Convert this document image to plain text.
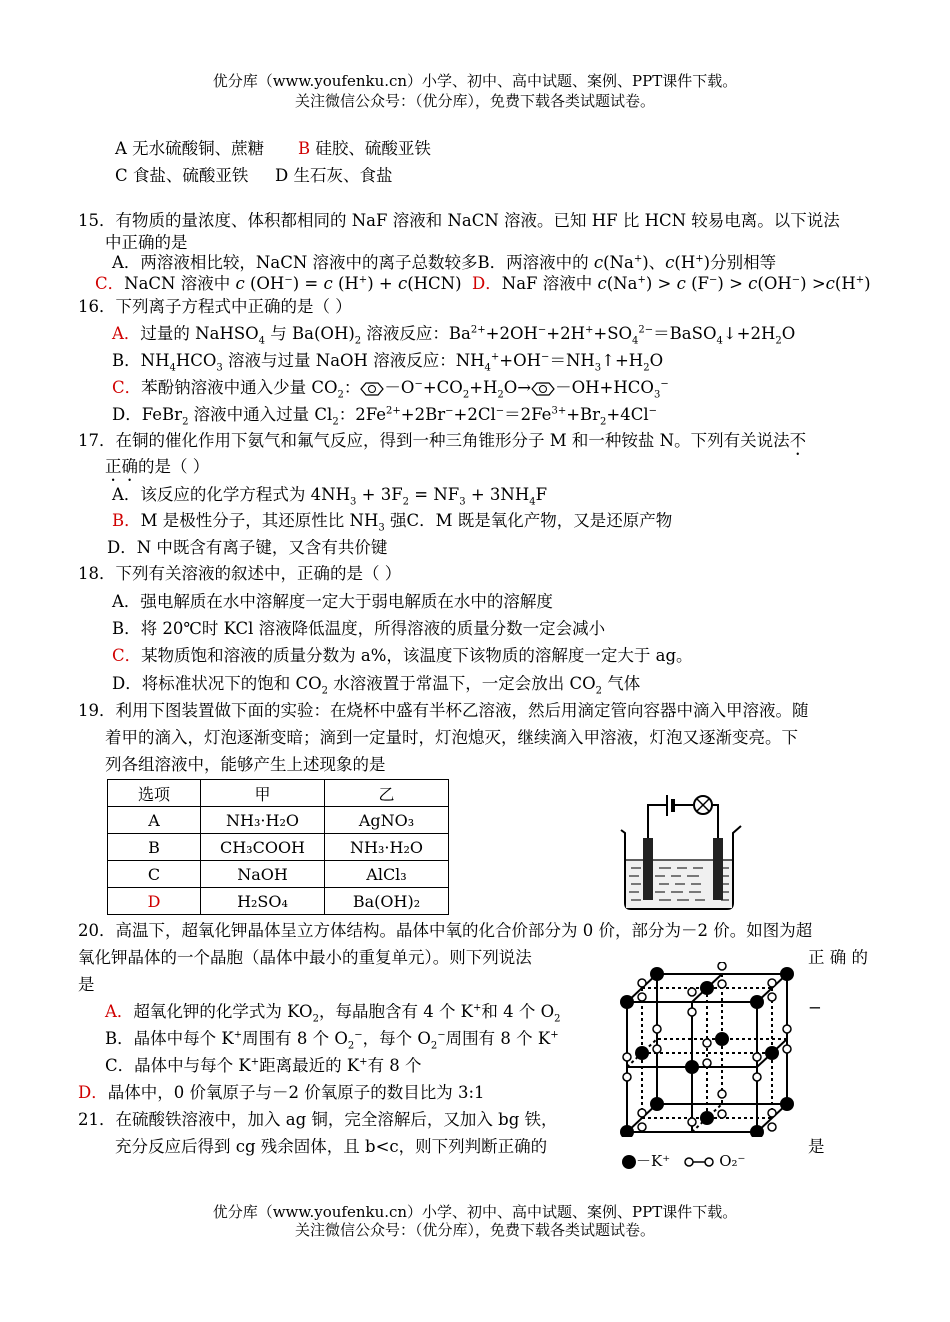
优分库（www.youfenku.cn）小学、初中、高中试题、案例、PPT课件下载。
关注微信公众号：（优分库），免费下载各类试题试卷。
A 无水硫酸铜、蔗糖 B 硅胶、硫酸亚铁
C 食盐、硫酸亚铁 D 生石灰、食盐
15．有物质的量浓度、体积都相同的 NaF 溶液和 NaCN 溶液。已知 HF 比 HCN 较易电离。以下说法
中正确的是
A．两溶液相比较，NaCN 溶液中的离子总数较多B．两溶液中的 c(Na+)、c(H+)分别相等
C．NaCN 溶液中 c (OH−) = c (H+) + c(HCN)  D．NaF 溶液中 c(Na+) > c (F−) > c(OH−) >c(H+)
16．下列离子方程式中正确的是（ ）
A．过量的 NaHSO$_4$ 与 $Ba(OH)_2$ 溶液反应：$Ba^{2+}+2OH^-+2H^++SO_4^{2-}=BaSO_4↓+2H_2O$
B．$NH_4HCO_3$ 溶液与过量 NaOH 溶液反应：$NH_4^++OH^-=NH_3↑+H_2O$
C．苯酚钠溶液中通入少量 $CO_2$： $-O^-+CO_2+H_2O\to -OH+HCO_3^-$
D．FeBr$_2$ 溶液中通入过量 $Cl_2$：$2Fe^{2+}+2Br^-+2Cl^-=2Fe^{3+}+Br_2+4Cl^-$
17．在铜的催化作用下氨气和氟气反应，得到一种三角锥形分子 M 和一种铵盐 N。下列有关说法不
正确的是（ ）
A．该反应的化学方程式为 $4NH_3 + 3F_2 = NF_3 + 3NH_4F$
B．M 是极性分子，其还原性比 $NH_3$ 强C．M 既是氧化产物，又是还原产物
D．N 中既含有离子键，又含有共价键
18．下列有关溶液的叙述中，正确的是（ ）
A．强电解质在水中溶解度一定大于弱电解质在水中的溶解度
B．将 20℃时 KCl 溶液降低温度，所得溶液的质量分数一定会减小
C．某物质饱和溶液的质量分数为 a%，该温度下该物质的溶解度一定大于 ag。
D．将标准状况下的饱和 $CO_2$ 水溶液置于常温下，一定会放出 $CO_2$ 气体
19．利用下图装置做下面的实验：在烧杯中盛有半杯乙溶液，然后用滴定管向容器中滴入甲溶液。随
着甲的滴入，灯泡逐渐变暗；滴到一定量时，灯泡熄灭，继续滴入甲溶液，灯泡又逐渐变亮。下
列各组溶液中，能够产生上述现象的是
选项	甲	乙
A	NH₃·H₂O	AgNO₃
B	CH₃COOH	NH₃·H₂O
C	NaOH	AlCl₃
D	H₂SO₄	Ba(OH)₂
20．高温下，超氧化钾晶体呈立方体结构。晶体中氧的化合价部分为 0 价，部分为－2 价。如图为超
氧化钾晶体的一个晶胞（晶体中最小的重复单元）。则下列说法	正 确 的
是
A．超氧化钾的化学式为 $KO_2$，每晶胞含有 4 个 K+和 4 个 $O_2$
−
B．晶体中每个 K+周围有 8 个 $O_2^-$，每个 $O_2^-$周围有 8 个 K+
C．晶体中与每个 K+距离最近的 K+有 8 个
D．晶体中，0 价氧原子与－2 价氧原子的数目比为 3:1
21．在硫酸铁溶液中，加入 ag 铜，完全溶解后，又加入 bg 铁，
充分反应后得到 cg 残余固体，且 b<c，则下列判断正确的	是
－K⁺	O₂⁻
优分库（www.youfenku.cn）小学、初中、高中试题、案例、PPT课件下载。
关注微信公众号：（优分库），免费下载各类试题试卷。
